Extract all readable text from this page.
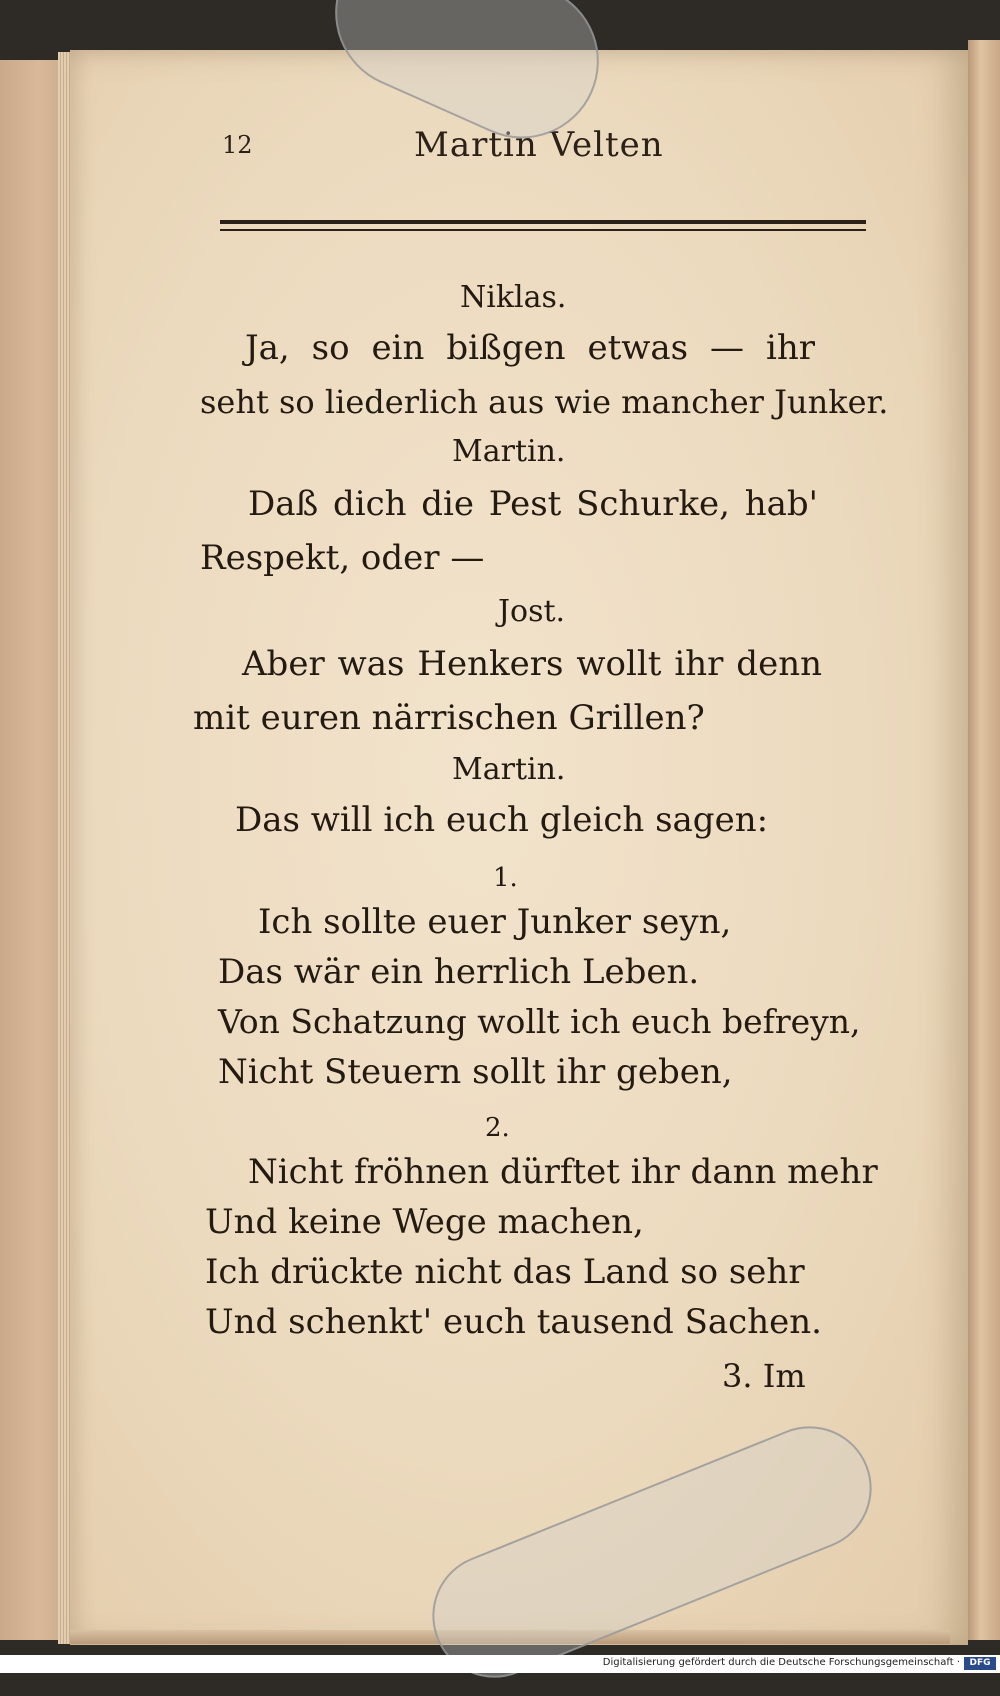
12	Martin Velten
Niklas.
Ja, so ein bißgen etwas — ihr
seht so liederlich aus wie mancher Junker.
Martin.
Daß dich die Pest Schurke, hab'
Respekt, oder —
Jost.
Aber was Henkers wollt ihr denn
mit euren närrischen Grillen?
Martin.
Das will ich euch gleich sagen:
1.
Ich sollte euer Junker seyn,
Das wär ein herrlich Leben.
Von Schatzung wollt ich euch befreyn,
Nicht Steuern sollt ihr geben,
2.
Nicht fröhnen dürftet ihr dann mehr
Und keine Wege machen,
Ich drückte nicht das Land so sehr
Und schenkt' euch tausend Sachen.
3. Im
Digitalisierung gefördert durch die Deutsche Forschungsgemeinschaft ·	DFG
